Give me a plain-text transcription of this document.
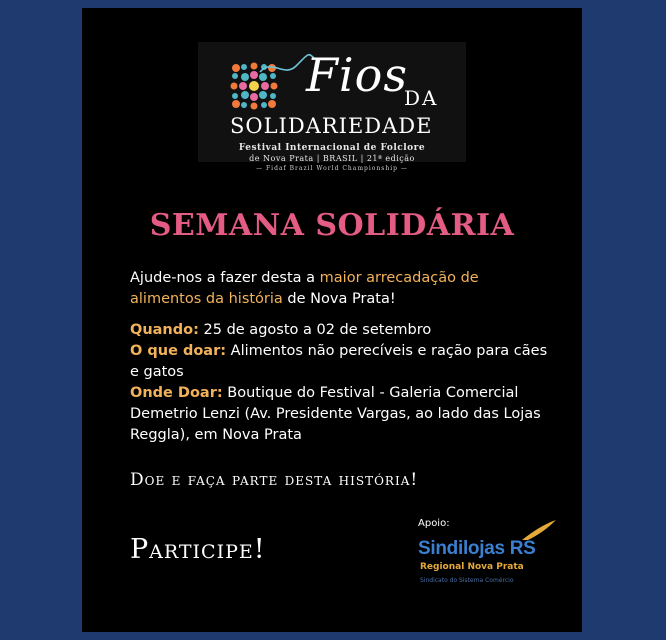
Fios
DA
SOLIDARIEDADE
Festival Internacional de Folclore
de Nova Prata | BRASIL | 21ª edição
— Fidaf Brazil World Championship —
SEMANA SOLIDÁRIA

Ajude-nos a fazer desta a maior arrecadação de alimentos da história de Nova Prata!

Quando: 25 de agosto a 02 de setembro
O que doar: Alimentos não perecíveis e ração para cães e gatos
Onde Doar: Boutique do Festival - Galeria Comercial Demetrio Lenzi (Av. Presidente Vargas, ao lado das Lojas Reggla), em Nova Prata
Doe e faça parte desta história!
Participe!
Apoio:
Sindilojas RS
Regional Nova Prata
Sindicato do Sistema Comércio
